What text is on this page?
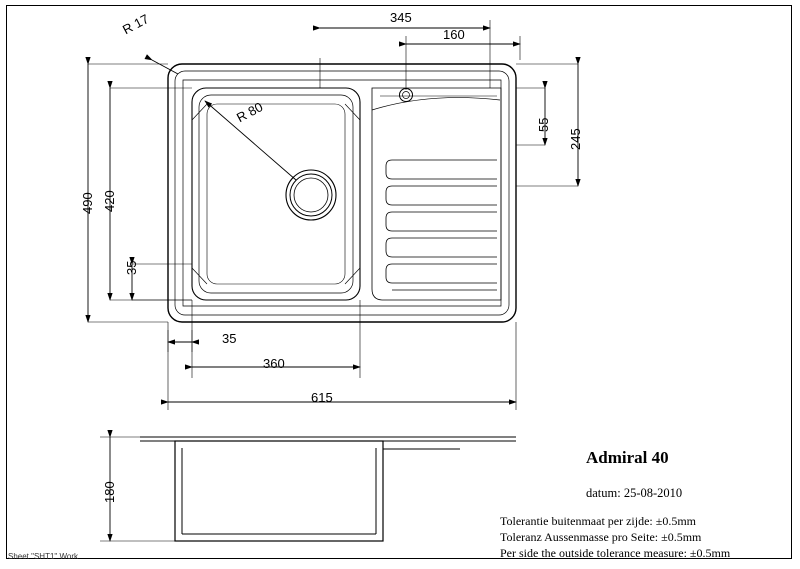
345
160
245
55
490 420
35
35
360
615
180
R 17
R 80
Admiral 40
datum: 25-08-2010
Tolerantie buitenmaat per zijde: ±0.5mm
Toleranz Aussenmasse pro Seite: ±0.5mm
Per side the outside tolerance measure: ±0.5mm
Sheet "SHT1" Work
